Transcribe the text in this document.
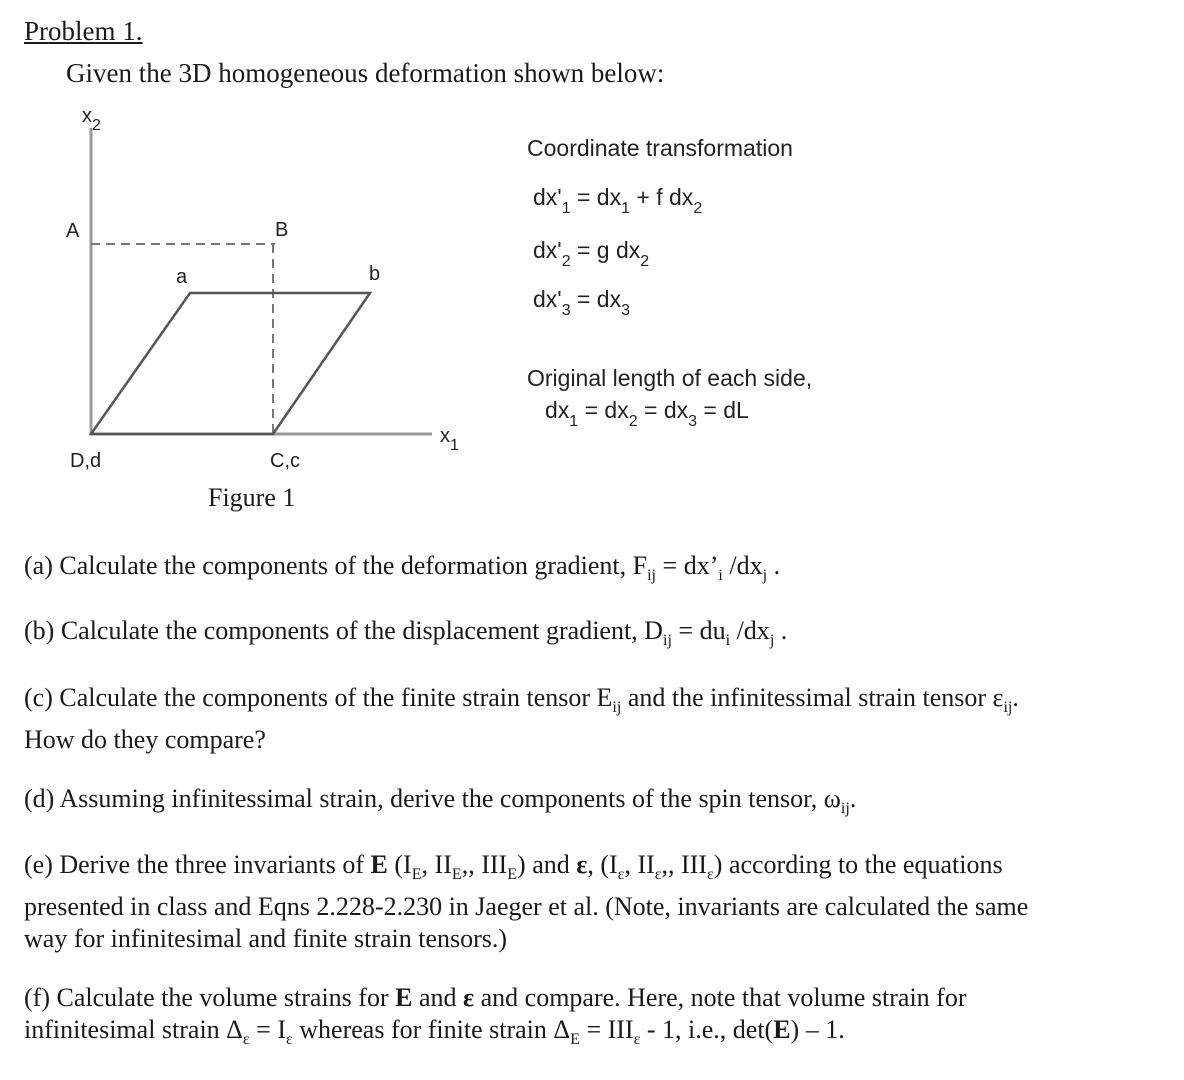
Problem 1.
Given the 3D homogeneous deformation shown below:
$x_2$
$x_1$
A	B
a	b
D,d	C,c
Figure 1
Coordinate transformation
$dx'_1 = dx_1 + f$ $dx_2$
$dx'_2 = g$ $dx_2$
$dx'_3 = dx_3$
Original length of each side,
$dx_1 = dx_2 = dx_3$ = dL
(a) Calculate the components of the deformation gradient, $F_{ij}$ = $dx’_i$ $/dx_j$ .
(b) Calculate the components of the displacement gradient, $D_{ij} = du_i$ $/dx_j$ .
(c) Calculate the components of the finite strain tensor $E_{ij}$ and the infinitessimal strain tensor $\varepsilon_{ij}$.
How do they compare?
(d) Assuming infinitessimal strain, derive the components of the spin tensor, $\omega_{ij}$.
(e) Derive the three invariants of E ($I_E$, $II_E$,, $III_E$) and ε, ($I_\varepsilon$, $II_\varepsilon$,, $III_\varepsilon$) according to the equations
presented in class and Eqns 2.228-2.230 in Jaeger et al. (Note, invariants are calculated the same
way for infinitesimal and finite strain tensors.)
(f) Calculate the volume strains for E and ε and compare. Here, note that volume strain for
infinitesimal strain $\Delta_\varepsilon = I_\varepsilon$ whereas for finite strain $\Delta_E = III_\varepsilon - 1$, i.e., det(E) – 1.
